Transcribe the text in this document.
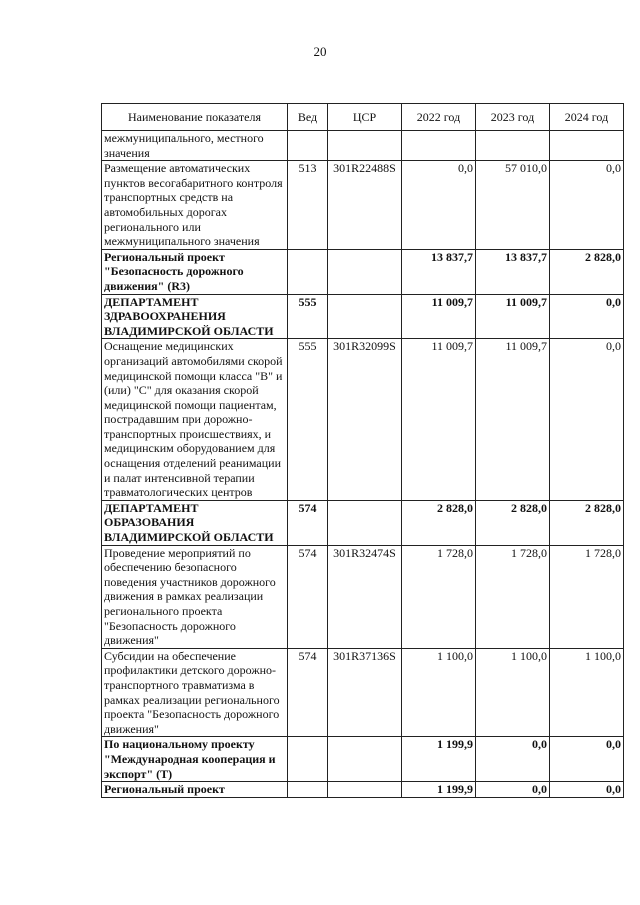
20
Наименование показателя	Вед	ЦСР	2022 год	2023 год	2024 год
межмуниципального, местного значения					
Размещение автоматических пунктов весогабаритного контроля транспортных средств на автомобильных дорогах регионального или межмуниципального значения	513	301R22488S	0,0	57 010,0	0,0
Региональный проект "Безопасность дорожного движения" (R3)			13 837,7	13 837,7	2 828,0
ДЕПАРТАМЕНТ ЗДРАВООХРАНЕНИЯ ВЛАДИМИРСКОЙ ОБЛАСТИ	555		11 009,7	11 009,7	0,0
Оснащение медицинских организаций автомобилями скорой медицинской помощи класса "В" и (или) "С" для оказания скорой медицинской помощи пациентам, пострадавшим при дорожно-транспортных происшествиях, и медицинским оборудованием для оснащения отделений реанимации и палат интенсивной терапии травматологических центров	555	301R32099S	11 009,7	11 009,7	0,0
ДЕПАРТАМЕНТ ОБРАЗОВАНИЯ ВЛАДИМИРСКОЙ ОБЛАСТИ	574		2 828,0	2 828,0	2 828,0
Проведение мероприятий по обеспечению безопасного поведения участников дорожного движения в рамках реализации регионального проекта "Безопасность дорожного движения"	574	301R32474S	1 728,0	1 728,0	1 728,0
Субсидии на обеспечение профилактики детского дорожно-транспортного травматизма в рамках реализации регионального проекта "Безопасность дорожного движения"	574	301R37136S	1 100,0	1 100,0	1 100,0
По национальному проекту "Международная кооперация и экспорт" (Т)			1 199,9	0,0	0,0
Региональный проект			1 199,9	0,0	0,0
